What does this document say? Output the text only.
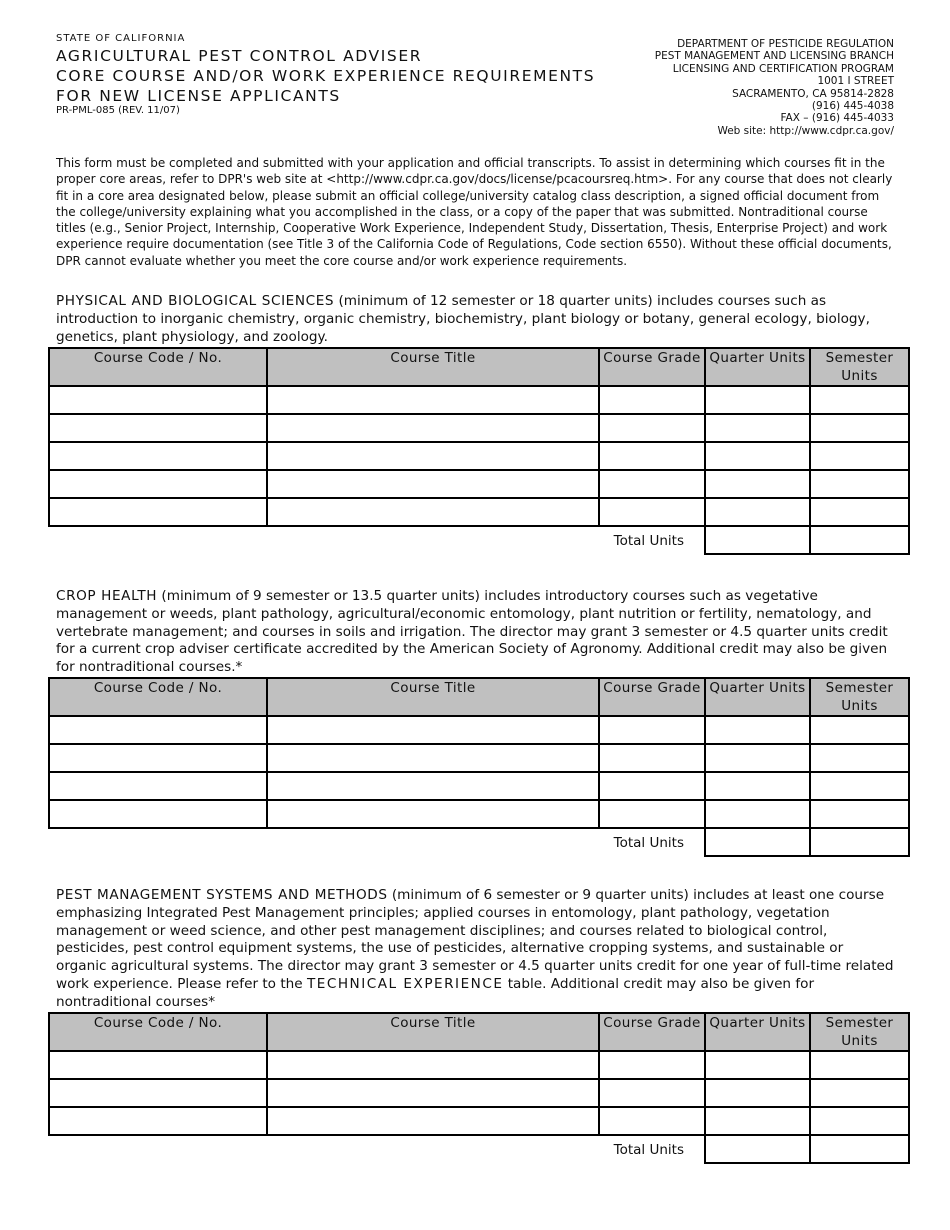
STATE OF CALIFORNIA
AGRICULTURAL PEST CONTROL ADVISER
CORE COURSE AND/OR WORK EXPERIENCE REQUIREMENTS
FOR NEW LICENSE APPLICANTS
PR-PML-085 (REV. 11/07)
DEPARTMENT OF PESTICIDE REGULATION
PEST MANAGEMENT AND LICENSING BRANCH
LICENSING AND CERTIFICATION PROGRAM
1001 I STREET
SACRAMENTO, CA 95814-2828
(916) 445-4038
FAX – (916) 445-4033
Web site: http://www.cdpr.ca.gov/
This form must be completed and submitted with your application and official transcripts. To assist in determining which courses fit in the proper core areas, refer to DPR's web site at <http://www.cdpr.ca.gov/docs/license/pcacoursreq.htm>. For any course that does not clearly fit in a core area designated below, please submit an official college/university catalog class description, a signed official document from the college/university explaining what you accomplished in the class, or a copy of the paper that was submitted. Nontraditional course titles (e.g., Senior Project, Internship, Cooperative Work Experience, Independent Study, Dissertation, Thesis, Enterprise Project) and work experience require documentation (see Title 3 of the California Code of Regulations, Code section 6550). Without these official documents, DPR cannot evaluate whether you meet the core course and/or work experience requirements.
PHYSICAL AND BIOLOGICAL SCIENCES (minimum of 12 semester or 18 quarter units) includes courses such as introduction to inorganic chemistry, organic chemistry, biochemistry, plant biology or botany, general ecology, biology, genetics, plant physiology, and zoology.
Course Code / No.	Course Title	Course Grade	Quarter Units	Semester Units

		Total Units		
CROP HEALTH (minimum of 9 semester or 13.5 quarter units) includes introductory courses such as vegetative management or weeds, plant pathology, agricultural/economic entomology, plant nutrition or fertility, nematology, and vertebrate management; and courses in soils and irrigation. The director may grant 3 semester or 4.5 quarter units credit for a current crop adviser certificate accredited by the American Society of Agronomy. Additional credit may also be given for nontraditional courses.*
Course Code / No.	Course Title	Course Grade	Quarter Units	Semester Units

		Total Units		
PEST MANAGEMENT SYSTEMS AND METHODS (minimum of 6 semester or 9 quarter units) includes at least one course emphasizing Integrated Pest Management principles; applied courses in entomology, plant pathology, vegetation management or weed science, and other pest management disciplines; and courses related to biological control, pesticides, pest control equipment systems, the use of pesticides, alternative cropping systems, and sustainable or organic agricultural systems. The director may grant 3 semester or 4.5 quarter units credit for one year of full-time related work experience. Please refer to the TECHNICAL EXPERIENCE table. Additional credit may also be given for nontraditional courses*
Course Code / No.	Course Title	Course Grade	Quarter Units	Semester Units

		Total Units		
